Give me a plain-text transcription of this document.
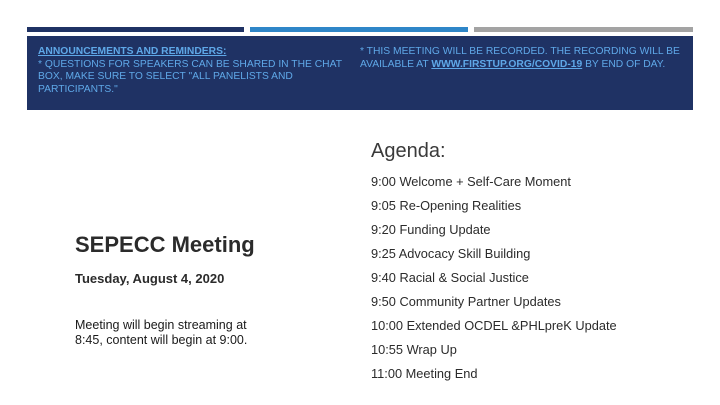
ANNOUNCEMENTS AND REMINDERS:
* QUESTIONS FOR SPEAKERS CAN BE SHARED IN THE CHAT BOX, MAKE SURE TO SELECT "ALL PANELISTS AND PARTICIPANTS."
* THIS MEETING WILL BE RECORDED. THE RECORDING WILL BE AVAILABLE AT WWW.FIRSTUP.ORG/COVID-19 BY END OF DAY.
SEPECC Meeting
Tuesday, August 4, 2020
Meeting will begin streaming at 8:45, content will begin at 9:00.
Agenda:
9:00 Welcome + Self-Care Moment
9:05 Re-Opening Realities
9:20 Funding Update
9:25 Advocacy Skill Building
9:40 Racial & Social Justice
9:50 Community Partner Updates
10:00 Extended OCDEL &PHLpreK Update
10:55 Wrap Up
11:00 Meeting End
